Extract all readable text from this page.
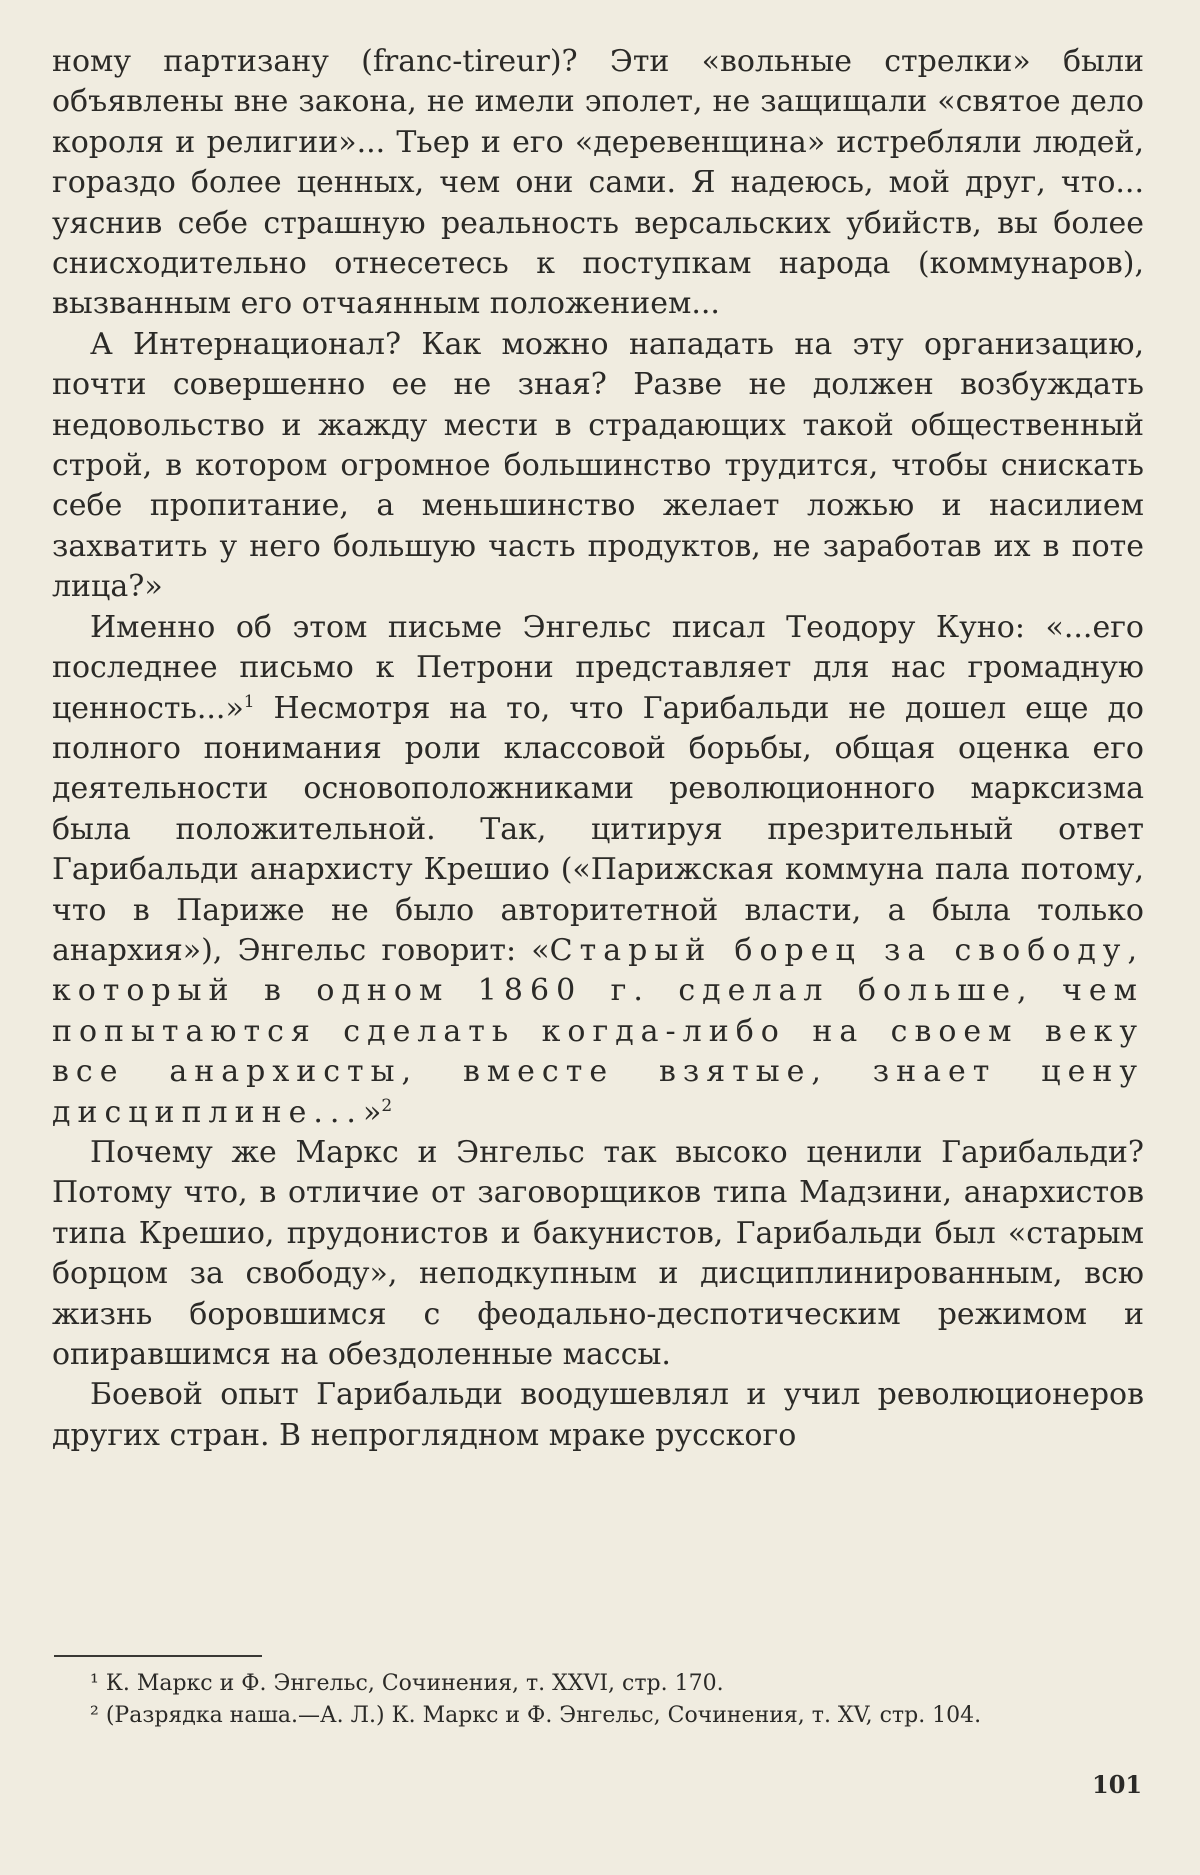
ному партизану (franc-tireur)? Эти «вольные стрелки» были объявлены вне закона, не имели эполет, не защищали «святое дело короля и религии»... Тьер и его «деревенщина» истребляли людей, гораздо более ценных, чем они сами. Я надеюсь, мой друг, что... уяснив себе страшную реальность версальских убийств, вы более снисходительно отнесетесь к поступкам народа (коммунаров), вызванным его отчаянным положением...

А Интернационал? Как можно нападать на эту организацию, почти совершенно ее не зная? Разве не должен возбуждать недовольство и жажду мести в страдающих такой общественный строй, в котором огромное большинство трудится, чтобы снискать себе пропитание, а меньшинство желает ложью и насилием захватить у него большую часть продуктов, не заработав их в поте лица?»

Именно об этом письме Энгельс писал Теодору Куно: «...его последнее письмо к Петрони представляет для нас громадную ценность...»$^1$ Несмотря на то, что Гарибальди не дошел еще до полного понимания роли классовой борьбы, общая оценка его деятельности основоположниками революционного марксизма была положительной. Так, цитируя презрительный ответ Гарибальди анархисту Крешио («Парижская коммуна пала потому, что в Париже не было авторитетной власти, а была только анархия»), Энгельс говорит: «Старый борец за свободу, который в одном 1860 г. сделал больше, чем попытаются сделать когда-либо на своем веку все анархисты, вместе взятые, знает цену дисциплине...»$^2$

Почему же Маркс и Энгельс так высоко ценили Гарибальди? Потому что, в отличие от заговорщиков типа Мадзини, анархистов типа Крешио, прудонистов и бакунистов, Гарибальди был «старым борцом за свободу», неподкупным и дисциплинированным, всю жизнь боровшимся с феодально-деспотическим режимом и опиравшимся на обездоленные массы.

Боевой опыт Гарибальди воодушевлял и учил революционеров других стран. В непроглядном мраке русского

¹ К. Маркс и Ф. Энгельс, Сочинения, т. XXVI, стр. 170.

² (Разрядка наша.—А. Л.) К. Маркс и Ф. Энгельс, Сочинения, т. XV, стр. 104.

101
